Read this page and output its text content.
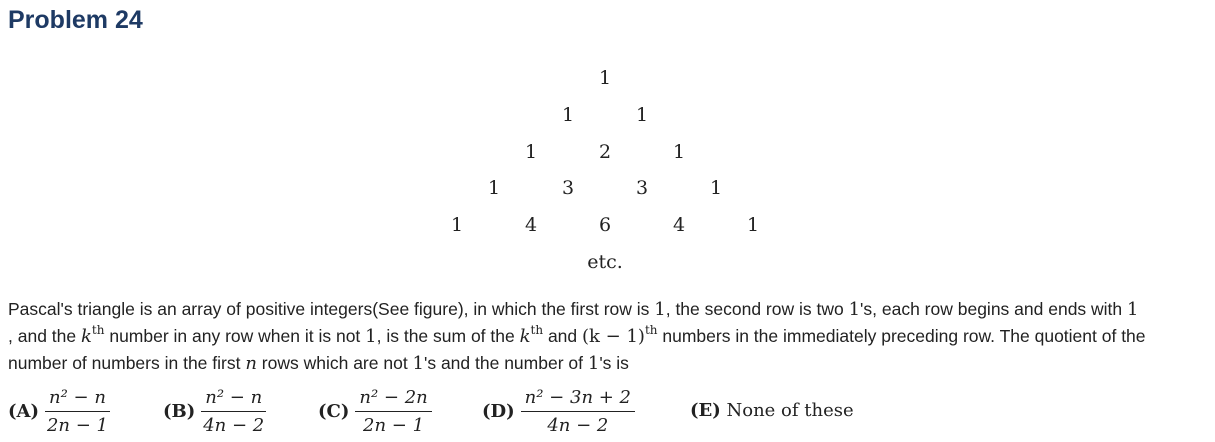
Problem 24
1
1	1
1	2	1
1	3	3	1
1	4	6	4	1
etc.
Pascal's triangle is an array of positive integers(See figure), in which the first row is 1, the second row is two 1's, each row begins and ends with 1
, and the $k^{th}$ number in any row when it is not 1, is the sum of the $k^{th}$ and $(k - 1)^{th}$ numbers in the immediately preceding row. The quotient of the number of numbers in the first n rows which are not 1's and the number of 1's is
$(A) \frac{\text{n² − n}}{2n - 1}$	$(B) \frac{\text{n² − n}}{4n - 2}$	$(C) \frac{\text{n² − 2n}}{2n - 1}$	$(D) \frac{\text{n² − 3n + 2}}{4n - 2}$	(E) None of these
